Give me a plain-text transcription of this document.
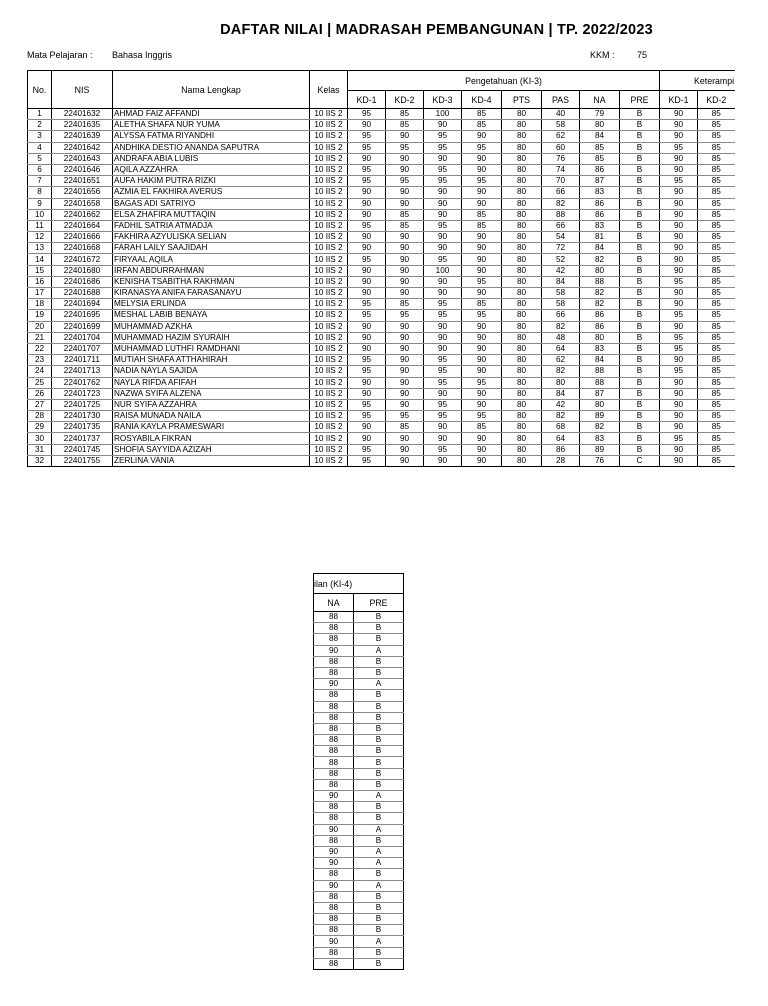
DAFTAR NILAI | MADRASAH PEMBANGUNAN | TP. 2022/2023
Mata Pelajaran : Bahasa Inggris	KKM : 75
No.	NIS	Nama Lengkap	Kelas	Pengetahuan (KI-3)								Keterampi	
				KD-1	KD-2	KD-3	KD-4	PTS	PAS	NA	PRE	KD-1	KD-2
1	22401632	AHMAD FAIZ AFFANDI	10 IIS 2	95	85	100	85	80	40	79	B	90	85
2	22401635	ALETHA SHAFA NUR YUMA	10 IIS 2	90	85	90	85	80	58	80	B	90	85
3	22401639	ALYSSA FATMA RIYANDHI	10 IIS 2	95	90	95	90	80	62	84	B	90	85
4	22401642	ANDHIKA DESTIO ANANDA SAPUTRA	10 IIS 2	95	95	95	95	80	60	85	B	95	85
5	22401643	ANDRAFA ABIA LUBIS	10 IIS 2	90	90	90	90	80	76	85	B	90	85
6	22401646	AQILA AZZAHRA	10 IIS 2	95	90	95	90	80	74	86	B	90	85
7	22401651	AUFA HAKIM PUTRA RIZKI	10 IIS 2	95	95	95	95	80	70	87	B	95	85
8	22401656	AZMIA EL FAKHIRA AVERUS	10 IIS 2	90	90	90	90	80	66	83	B	90	85
9	22401658	BAGAS ADI SATRIYO	10 IIS 2	90	90	90	90	80	82	86	B	90	85
10	22401662	ELSA ZHAFIRA MUTTAQIN	10 IIS 2	90	85	90	85	80	88	86	B	90	85
11	22401664	FADHIL SATRIA ATMADJA	10 IIS 2	95	85	95	85	80	66	83	B	90	85
12	22401666	FAKHIRA AZYULISKA SELIAN	10 IIS 2	90	90	90	90	80	54	81	B	90	85
13	22401668	FARAH LAILY SAAJIDAH	10 IIS 2	90	90	90	90	80	72	84	B	90	85
14	22401672	FIRYAAL AQILA	10 IIS 2	95	90	95	90	80	52	82	B	90	85
15	22401680	IRFAN ABDURRAHMAN	10 IIS 2	90	90	100	90	80	42	80	B	90	85
16	22401686	KENISHA TSABITHA RAKHMAN	10 IIS 2	90	90	90	95	80	84	88	B	95	85
17	22401688	KIRANASYA ANIFA FARASANAYU	10 IIS 2	90	90	90	90	80	58	82	B	90	85
18	22401694	MELYSIA ERLINDA	10 IIS 2	95	85	95	85	80	58	82	B	90	85
19	22401695	MESHAL LABIB BENAYA	10 IIS 2	95	95	95	95	80	66	86	B	95	85
20	22401699	MUHAMMAD AZKHA	10 IIS 2	90	90	90	90	80	82	86	B	90	85
21	22401704	MUHAMMAD HAZIM SYURAIH	10 IIS 2	90	90	90	90	80	48	80	B	95	85
22	22401707	MUHAMMAD LUTHFI RAMDHANI	10 IIS 2	90	90	90	90	80	64	83	B	95	85
23	22401711	MUTIAH SHAFA ATTHAHIRAH	10 IIS 2	95	90	95	90	80	62	84	B	90	85
24	22401713	NADIA NAYLA SAJIDA	10 IIS 2	95	90	95	90	80	82	88	B	95	85
25	22401762	NAYLA RIFDA AFIFAH	10 IIS 2	90	90	95	95	80	80	88	B	90	85
26	22401723	NAZWA SYIFA ALZENA	10 IIS 2	90	90	90	90	80	84	87	B	90	85
27	22401725	NUR SYIFA AZZAHRA	10 IIS 2	95	90	95	90	80	42	80	B	90	85
28	22401730	RAISA MUNADA NAILA	10 IIS 2	95	95	95	95	80	82	89	B	90	85
29	22401735	RANIA KAYLA PRAMESWARI	10 IIS 2	90	85	90	85	80	68	82	B	90	85
30	22401737	ROSYABILA FIKRAN	10 IIS 2	90	90	90	90	80	64	83	B	95	85
31	22401745	SHOFIA SAYYIDA AZIZAH	10 IIS 2	95	90	95	90	80	86	89	B	90	85
32	22401755	ZERLINA VANIA	10 IIS 2	95	90	90	90	80	28	76	C	90	85
ilan (KI-4)	
NA	PRE
88	B
88	B
88	B
90	A
88	B
88	B
90	A
88	B
88	B
88	B
88	B
88	B
88	B
88	B
88	B
88	B
90	A
88	B
88	B
90	A
88	B
90	A
90	A
88	B
90	A
88	B
88	B
88	B
88	B
90	A
88	B
88	B
